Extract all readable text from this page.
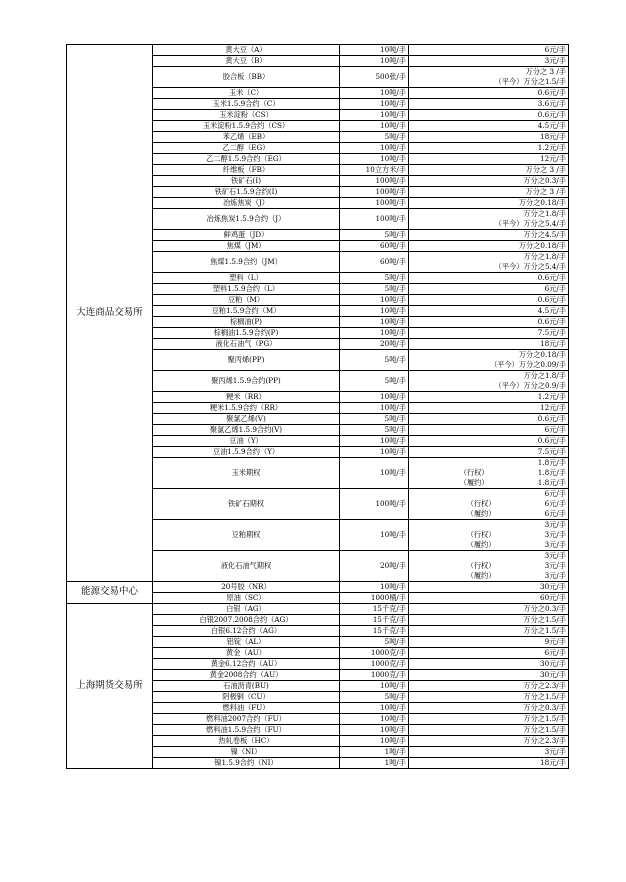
大连商品交易所	黄大豆（A）	10吨/手	6元/手

	黄大豆（B）	10吨/手	3元/手

	胶合板（BB）	500张/手	万分之 3 /手
（平今）万分之1.5/手

	玉米（C）	10吨/手	0.6元/手

	玉米1.5.9合约（C）	10吨/手	3.6元/手

	玉米淀粉（CS）	10吨/手	0.6元/手

	玉米淀粉1.5.9合约（CS）	10吨/手	4.5元/手

	苯乙烯（EB）	5吨/手	18元/手

	乙二醇（EG）	10吨/手	1.2元/手

	乙二醇1.5.9合约（EG）	10吨/手	12元/手

	纤维板（FB）	10立方米/手	万分之 3 /手

	铁矿石(I)	100吨/手	万分之0.3/手

	铁矿石1.5.9合约(I)	100吨/手	万分之 3 /手

	冶炼焦炭（J）	100吨/手	万分之0.18/手

	冶炼焦炭1.5.9合约（J）	100吨/手	万分之1.8/手
（平今）万分之5.4/手

	鲜鸡蛋（JD）	5吨/手	万分之4.5/手

	焦煤（JM）	60吨/手	万分之0.18/手

	焦煤1.5.9合约（JM）	60吨/手	万分之1.8/手
（平今）万分之5.4/手

	塑料（L）	5吨/手	0.6元/手

	塑料1.5.9合约（L）	5吨/手	6元/手

	豆粕（M）	10吨/手	0.6元/手

	豆粕1.5.9合约（M）	10吨/手	4.5元/手

	棕榈油(P)	10吨/手	0.6元/手

	棕榈油1.5.9合约(P)	10吨/手	7.5元/手

	液化石油气（PG）	20吨/手	18元/手

	聚丙烯(PP)	5吨/手	万分之0.18/手
（平今）万分之0.09/手

	聚丙烯1.5.9合约(PP)	5吨/手	万分之1.8/手
（平今）万分之0.9/手

	粳米（RR）	10吨/手	1.2元/手

	粳米1.5.9合约（RR）	10吨/手	12元/手

	聚氯乙烯(V)	5吨/手	0.6元/手

	聚氯乙烯1.5.9合约(V)	5吨/手	6元/手

	豆油（Y）	10吨/手	0.6元/手

	豆油1.5.9合约（Y）	10吨/手	7.5元/手

	玉米期权	10吨/手	1.8元/手
（行权） 1.8元/手
（履约） 1.8元/手

	铁矿石期权	100吨/手	6元/手
（行权） 6元/手
（履约） 6元/手

	豆粕期权	10吨/手	3元/手
（行权） 3元/手
（履约） 3元/手

	液化石油气期权	20吨/手	3元/手
（行权） 3元/手
（履约） 3元/手

能源交易中心	20号胶（NR）	10吨/手	30元/手

	原油（SC）	1000桶/手	60元/手

上海期货交易所	白银（AG）	15千克/手	万分之0.3/手

	白银2007.2008合约（AG）	15千克/手	万分之1.5/手

	白银6.12合约（AG）	15千克/手	万分之1.5/手

	铝锭（AL）	5吨/手	9元/手

	黄金（AU）	1000克/手	6元/手

	黄金6.12合约（AU）	1000克/手	30元/手

	黄金2008合约（AU）	1000克/手	30元/手

	石油沥青(BU)	10吨/手	万分之2.3/手

	阴极铜（CU）	5吨/手	万分之1.5/手

	燃料油（FU）	10吨/手	万分之0.3/手

	燃料油2007合约（FU）	10吨/手	万分之1.5/手

	燃料油1.5.9合约（FU）	10吨/手	万分之1.5/手

	热轧卷板（HC）	10吨/手	万分之2.3/手

	镍（NI）	1吨/手	3元/手

	镍1.5.9合约（NI）	1吨/手	18元/手
